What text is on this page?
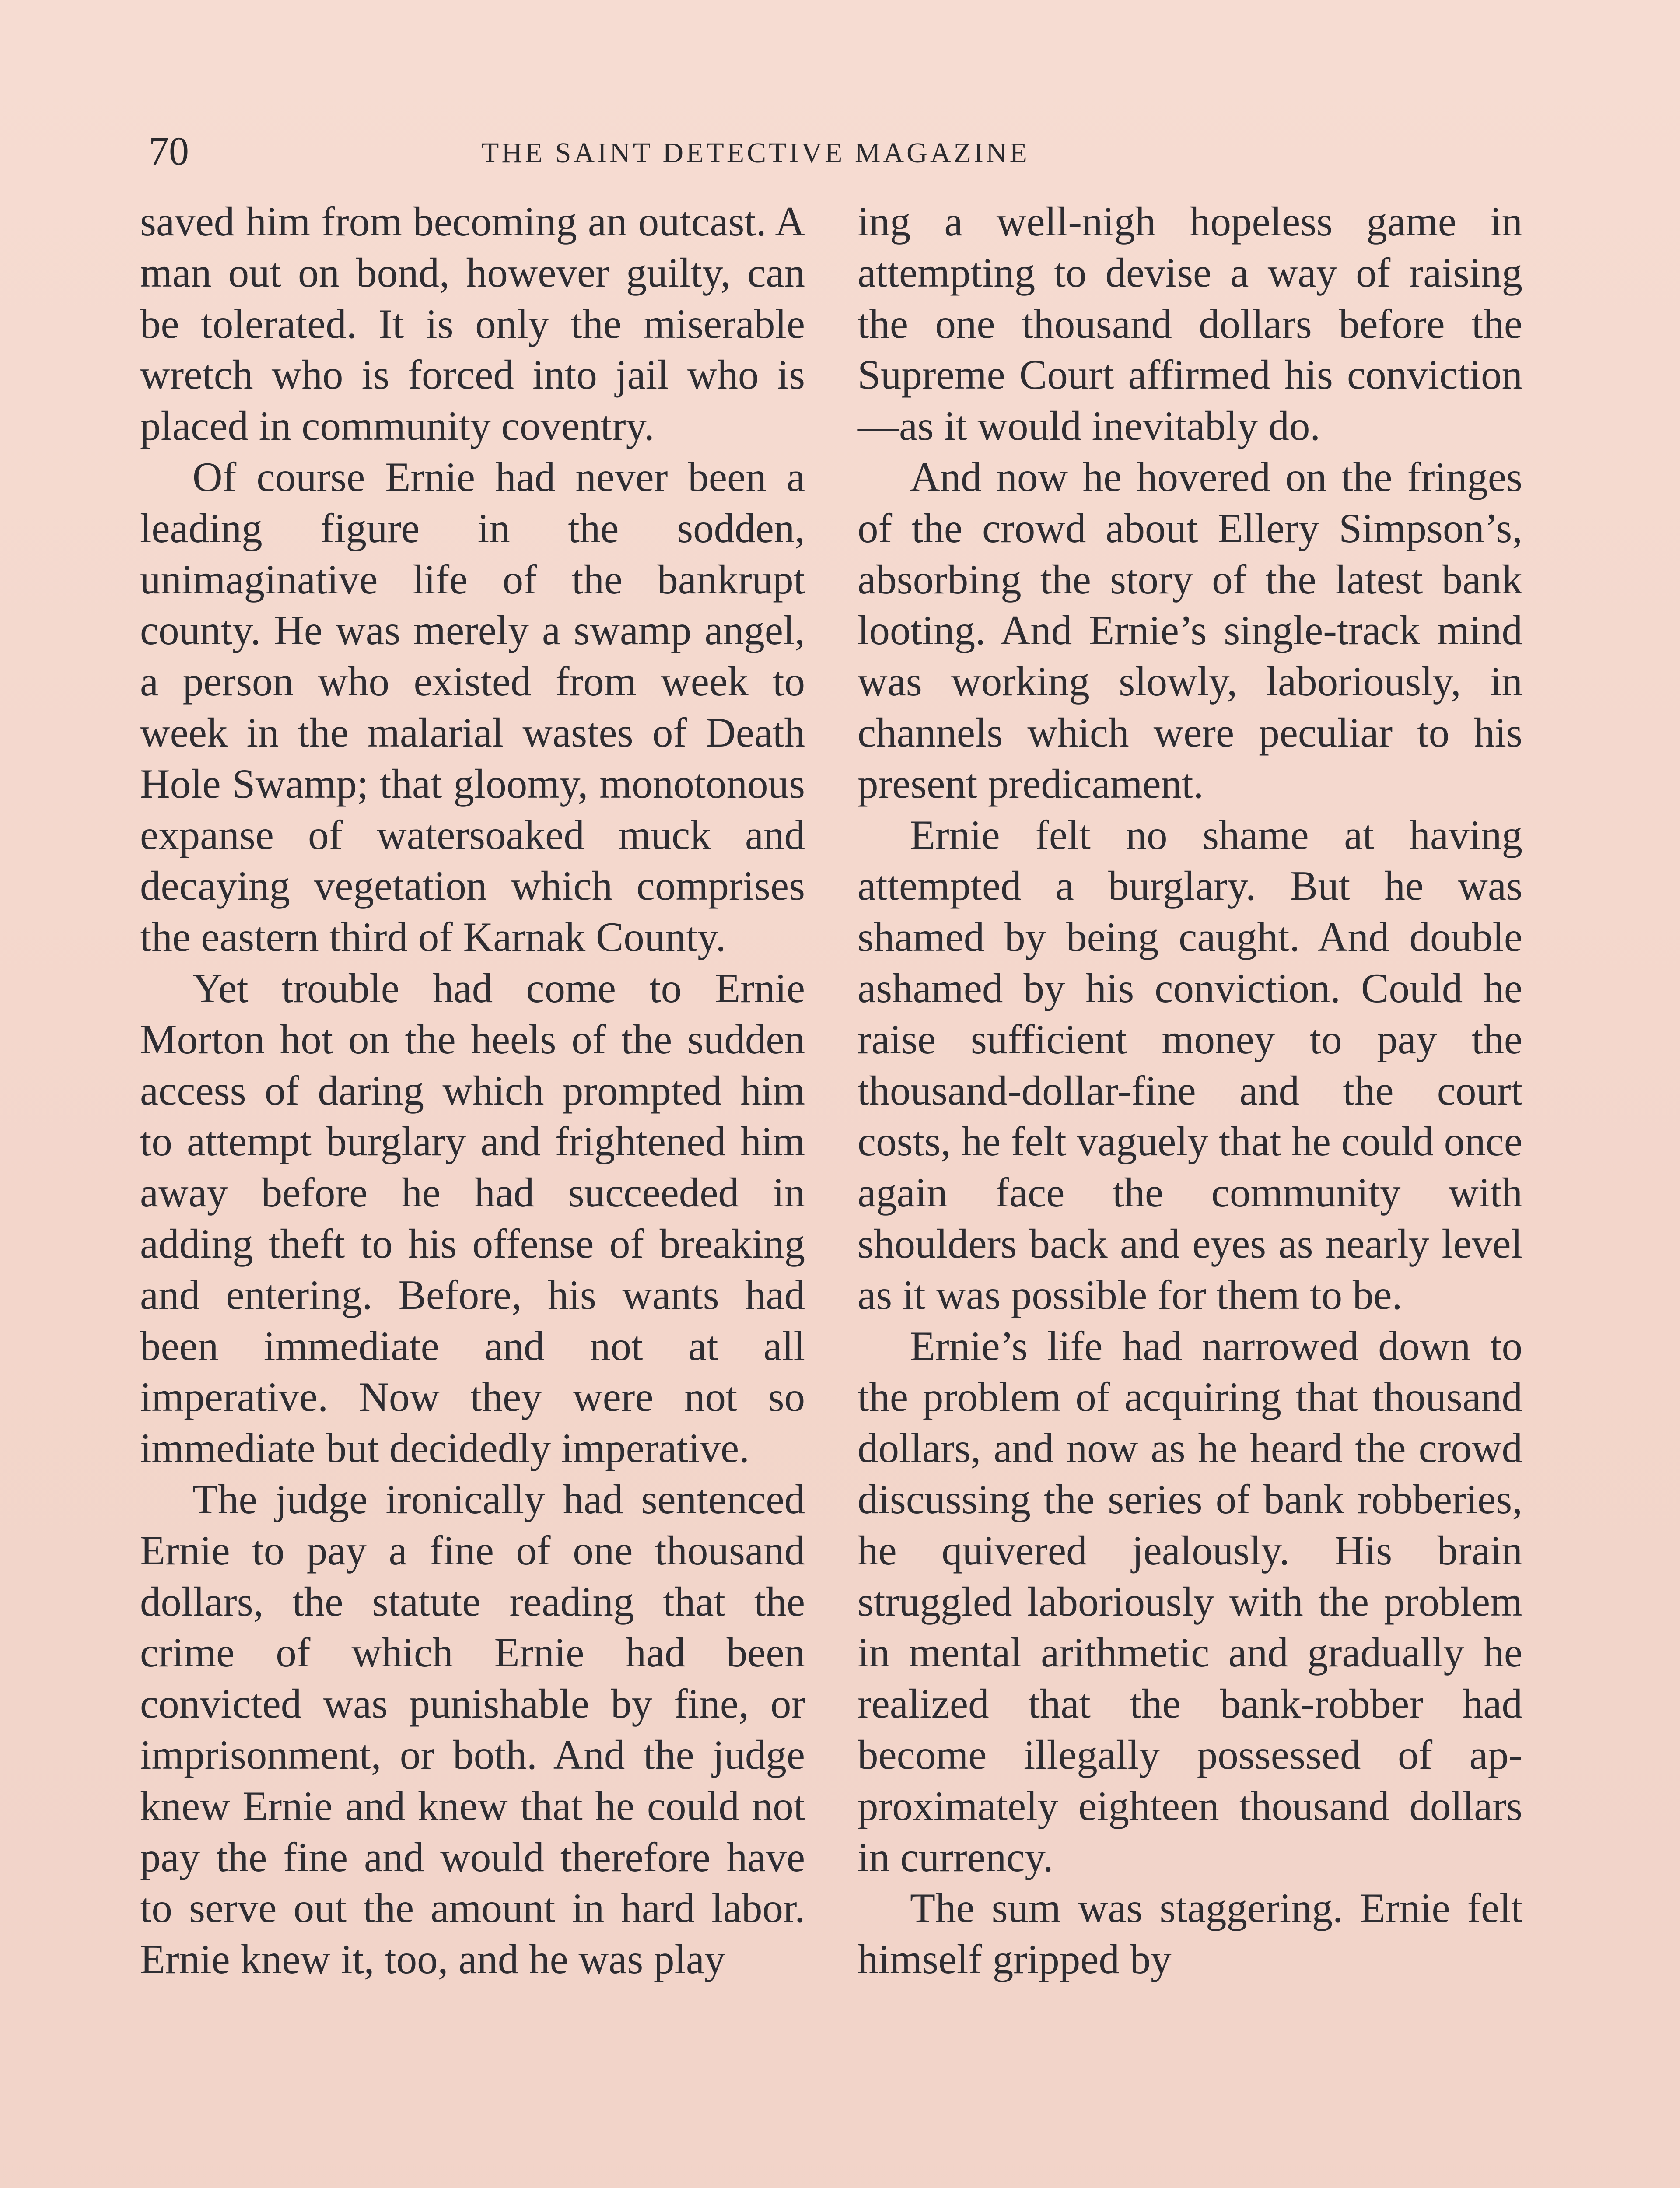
70	THE SAINT DETECTIVE MAGAZINE

saved him from becoming an outcast. A man out on bond, however guilty, can be tolerated. It is only the miserable wretch who is forced into jail who is placed in community coventry.

Of course Ernie had never been a leading figure in the sodden, unimaginative life of the bankrupt county. He was merely a swamp angel, a person who existed from week to week in the malarial wastes of Death Hole Swamp; that gloomy, monotonous expanse of watersoaked muck and decaying vegetation which comprises the eastern third of Karnak County.

Yet trouble had come to Ernie Morton hot on the heels of the sudden access of daring which prompted him to attempt burglary and frightened him away before he had succeeded in adding theft to his offense of breaking and entering. Before, his wants had been immediate and not at all imperative. Now they were not so immediate but decidedly imperative.

The judge ironically had sentenced Ernie to pay a fine of one thousand dollars, the statute reading that the crime of which Ernie had been convicted was punishable by fine, or imprisonment, or both. And the judge knew Ernie and knew that he could not pay the fine and would therefore have to serve out the amount in hard labor. Ernie knew it, too, and he was play

ing a well-nigh hopeless game in attempting to devise a way of raising the one thousand dollars before the Supreme Court affirmed his conviction—as it would inevitably do.

And now he hovered on the fringes of the crowd about Ellery Simpson’s, absorbing the story of the latest bank looting. And Ernie’s single-track mind was working slowly, laboriously, in channels which were peculiar to his present predicament.

Ernie felt no shame at having attempted a burglary. But he was shamed by being caught. And double ashamed by his conviction. Could he raise sufficient money to pay the thousand-dollar-fine and the court costs, he felt vaguely that he could once again face the community with shoulders back and eyes as nearly level as it was possible for them to be.

Ernie’s life had narrowed down to the problem of acquiring that thousand dollars, and now as he heard the crowd discussing the series of bank robberies, he quivered jealously. His brain struggled laboriously with the problem in mental arithmetic and gradually he realized that the bank-robber had become illegally possessed of approximately eighteen thousand dollars in currency.

The sum was staggering. Ernie felt himself gripped by
